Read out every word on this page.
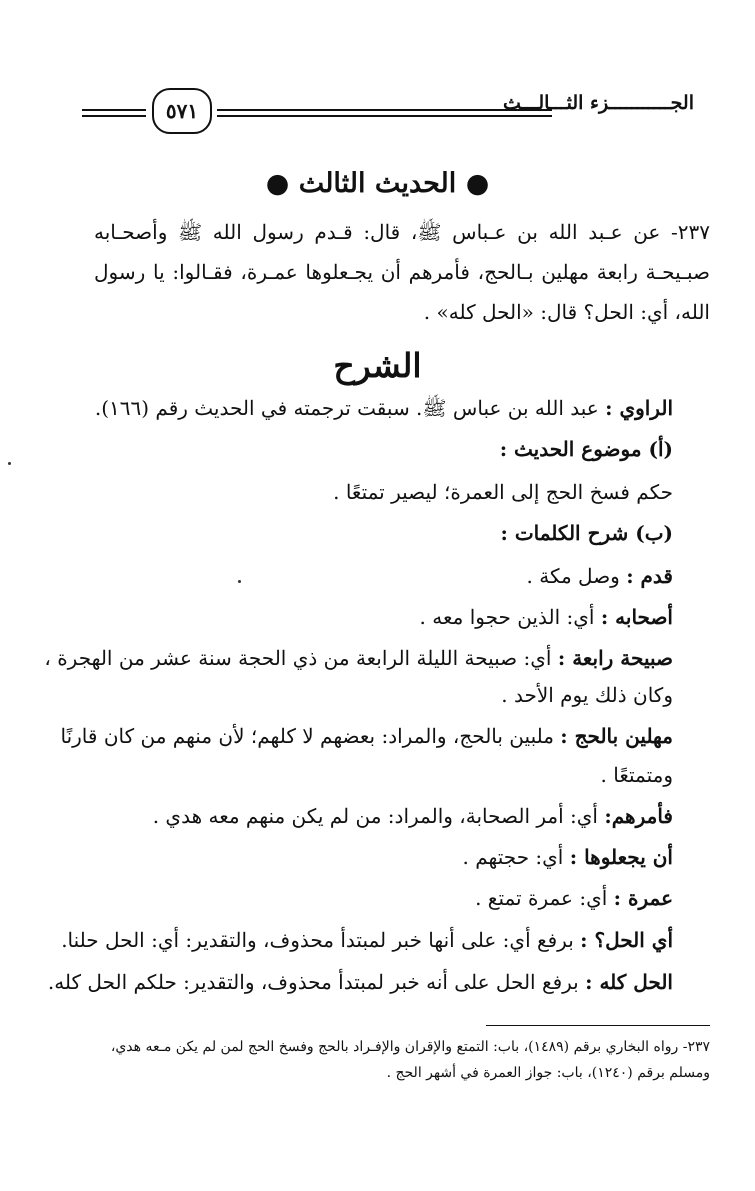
الجـــــــــــزء الثـــالـــث
٥٧١
● الحديث الثالث ●
٢٣٧- عن عـبد الله بن عـباس ﷺ، قال: قـدم رسول الله ﷺ وأصحـابه صبـيحـة رابعة مهلين بـالحج، فأمرهم أن يجـعلوها عمـرة، فقـالوا: يا رسول الله، أي: الحل؟ قال: «الحل كله» .
الشرح
الراوي : عبد الله بن عباس ﷺ. سبقت ترجمته في الحديث رقم (١٦٦).
(أ) موضوع الحديث :
حكم فسخ الحج إلى العمرة؛ ليصير تمتعًا .
(ب) شرح الكلمات :
قدم : وصل مكة .
أصحابه : أي: الذين حجوا معه .
صبيحة رابعة : أي: صبيحة الليلة الرابعة من ذي الحجة سنة عشر من الهجرة ،
وكان ذلك يوم الأحد .
مهلين بالحج : ملبين بالحج، والمراد: بعضهم لا كلهم؛ لأن منهم من كان قارنًا
ومتمتعًا .
فأمرهم: أي: أمر الصحابة، والمراد: من لم يكن منهم معه هدي .
أن يجعلوها : أي: حجتهم .
عمرة : أي: عمرة تمتع .
أي الحل؟ : برفع أي: على أنها خبر لمبتدأ محذوف، والتقدير: أي: الحل حلنا.
الحل كله : برفع الحل على أنه خبر لمبتدأ محذوف، والتقدير: حلكم الحل كله.
٢٣٧- رواه البخاري برقم (١٤٨٩)، باب: التمتع والإقران والإفـراد بالحج وفسخ الحج لمن لم يكن مـعه هدي،
ومسلم برقم (١٢٤٠)، باب: جواز العمرة في أشهر الحج .
